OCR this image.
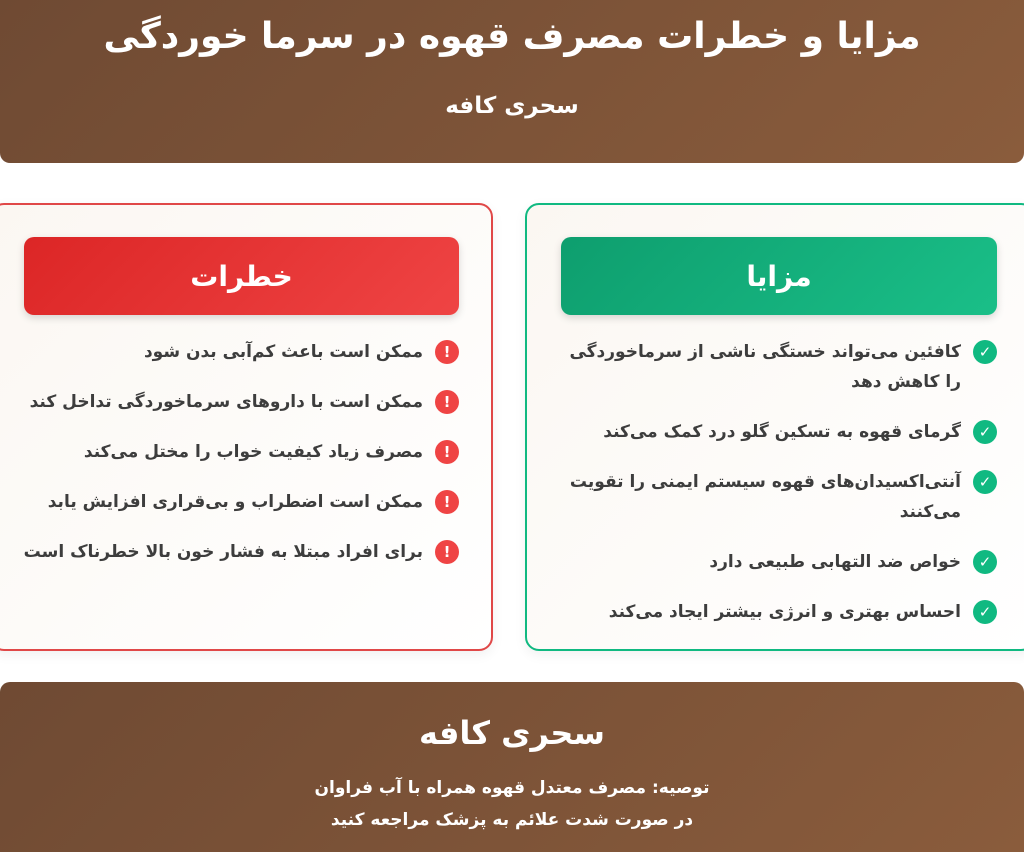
مزایا و خطرات مصرف قهوه در سرما خوردگی
سحری کافه
مزایا
✓
کافئین می‌تواند خستگی ناشی از سرماخوردگی را کاهش دهد
✓
گرمای قهوه به تسکین گلو درد کمک می‌کند
✓
آنتی‌اکسیدان‌های قهوه سیستم ایمنی را تقویت می‌کنند
✓
خواص ضد التهابی طبیعی دارد
✓
احساس بهتری و انرژی بیشتر ایجاد می‌کند
خطرات
!
ممکن است باعث کم‌آبی بدن شود
!
ممکن است با داروهای سرماخوردگی تداخل کند
!
مصرف زیاد کیفیت خواب را مختل می‌کند
!
ممکن است اضطراب و بی‌قراری افزایش یابد
!
برای افراد مبتلا به فشار خون بالا خطرناک است
سحری کافه
توصیه: مصرف معتدل قهوه همراه با آب فراوان
در صورت شدت علائم به پزشک مراجعه کنید
